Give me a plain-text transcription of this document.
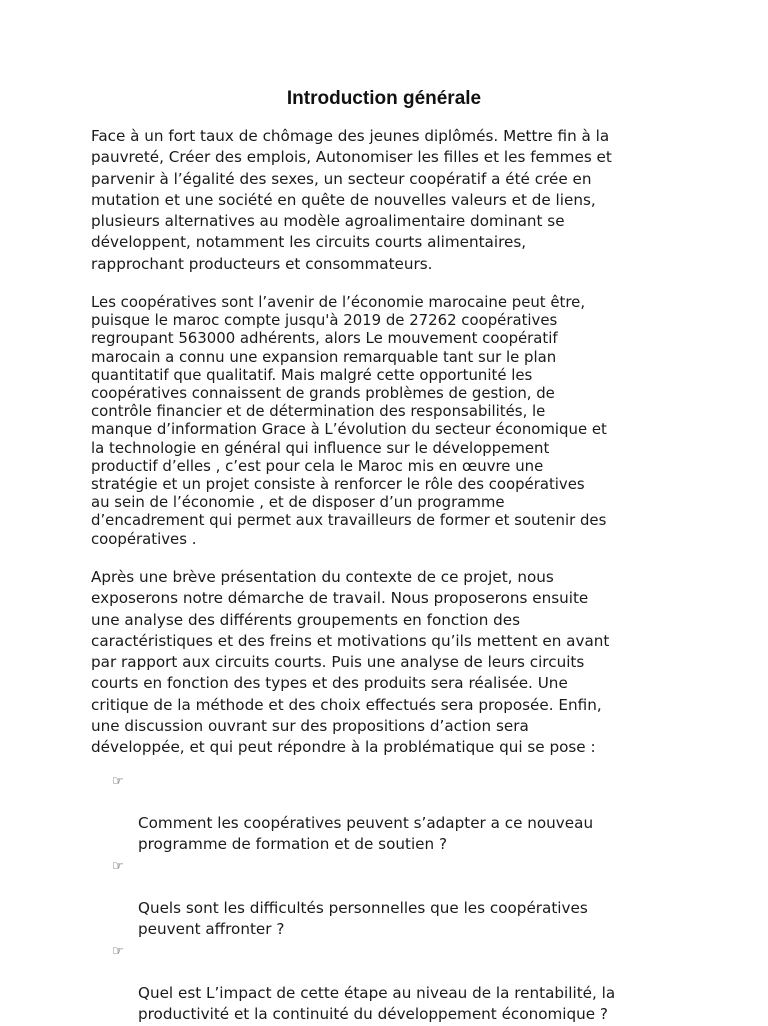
Introduction générale

Face à un fort taux de chômage des jeunes diplômés. Mettre fin à la
pauvreté, Créer des emplois, Autonomiser les filles et les femmes et
parvenir à l’égalité des sexes, un secteur coopératif a été crée en
mutation et une société en quête de nouvelles valeurs et de liens,
plusieurs alternatives au modèle agroalimentaire dominant se
développent, notamment les circuits courts alimentaires,
rapprochant producteurs et consommateurs.

Les coopératives sont l’avenir de l’économie marocaine peut être,
puisque le maroc compte jusqu'à 2019 de 27262 coopératives
regroupant 563000 adhérents, alors Le mouvement coopératif
marocain a connu une expansion remarquable tant sur le plan
quantitatif que qualitatif. Mais malgré cette opportunité les
coopératives connaissent de grands problèmes de gestion, de
contrôle financier et de détermination des responsabilités, le
manque d’information Grace à L’évolution du secteur économique et
la technologie en général qui influence sur le développement
productif d’elles , c’est pour cela le Maroc mis en œuvre une
stratégie et un projet consiste à renforcer le rôle des coopératives
au sein de l’économie , et de disposer d’un programme
d’encadrement qui permet aux travailleurs de former et soutenir des
coopératives .

Après une brève présentation du contexte de ce projet, nous
exposerons notre démarche de travail. Nous proposerons ensuite
une analyse des différents groupements en fonction des
caractéristiques et des freins et motivations qu’ils mettent en avant
par rapport aux circuits courts. Puis une analyse de leurs circuits
courts en fonction des types et des produits sera réalisée. Une
critique de la méthode et des choix effectués sera proposée. Enfin,
une discussion ouvrant sur des propositions d’action sera
développée, et qui peut répondre à la problématique qui se pose :

☞

Comment les coopératives peuvent s’adapter a ce nouveau
programme de formation et de soutien ?

☞

Quels sont les difficultés personnelles que les coopératives
peuvent affronter ?

☞

Quel est L’impact de cette étape au niveau de la rentabilité, la
productivité et la continuité du développement économique ?
